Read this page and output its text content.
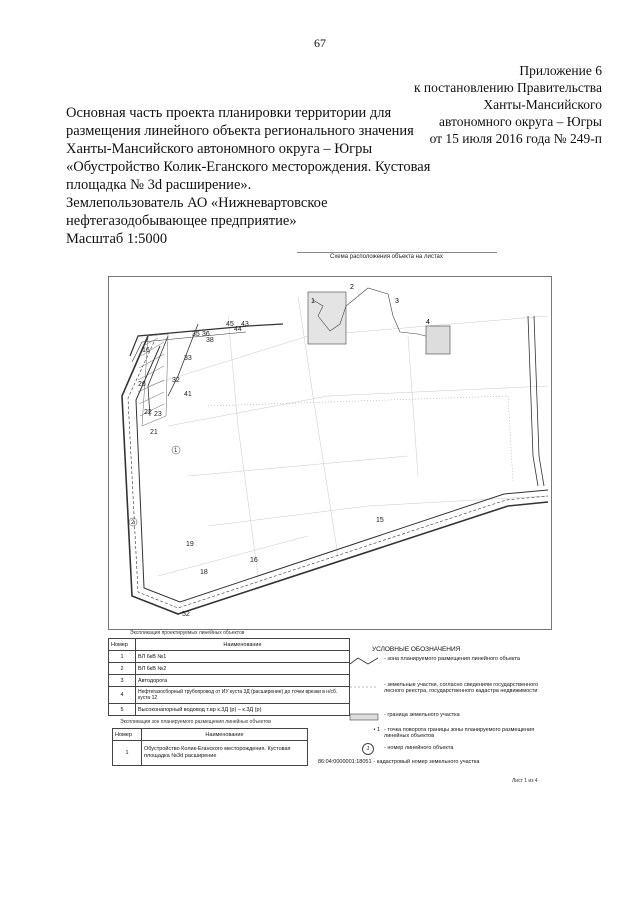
67
Приложение 6
к постановлению Правительства
Ханты-Мансийского
автономного округа – Югры
от 15 июля 2016 года № 249-п
Основная часть проекта планировки территории для
размещения линейного объекта регионального значения
Ханты-Мансийского автономного округа – Югры
«Обустройство Колик-Еганского месторождения. Кустовая
площадка № 3d расширение».
Землепользователь АО «Нижневартовское
нефтегазодобывающее предприятие»
Масштаб 1:5000
Схема расположения объекта на листах
1
2
3
4
43
45
44
35 36
38
33
16
26
32
41
22 23
21
19
18
16
15
52
1
2
Экспликация проектируемых линейных объектов
Номер	Наименование
1	ВЛ 6кВ №1
2	ВЛ 6кВ №2
3	Автодорога
4	Нефтегазосборный трубопровод от ИУ куста 3Д (расширение) до точки врезки в н/сб. куста 12
5	Высоконапорный водовод т.вр к.3Д (р) – к.3Д (р)
Экспликация зон планируемого размещения линейных объектов
Номер	Наименование
1	Обустройство Колик-Еганского месторождения. Кустовая площадка №3d расширение
УСЛОВНЫЕ ОБОЗНАЧЕНИЯ
- зона планируемого размещения линейного объекта
- земельные участки, согласно сведениям государственного лесного реестра, государственного кадастра недвижимости
- граница земельного участка
• 1 - точка поворота границы зоны планируемого размещения линейных объектов
1	- номер линейного объекта
86:04:0000001:18051 - кадастровый номер земельного участка
Лист 1 из 4
